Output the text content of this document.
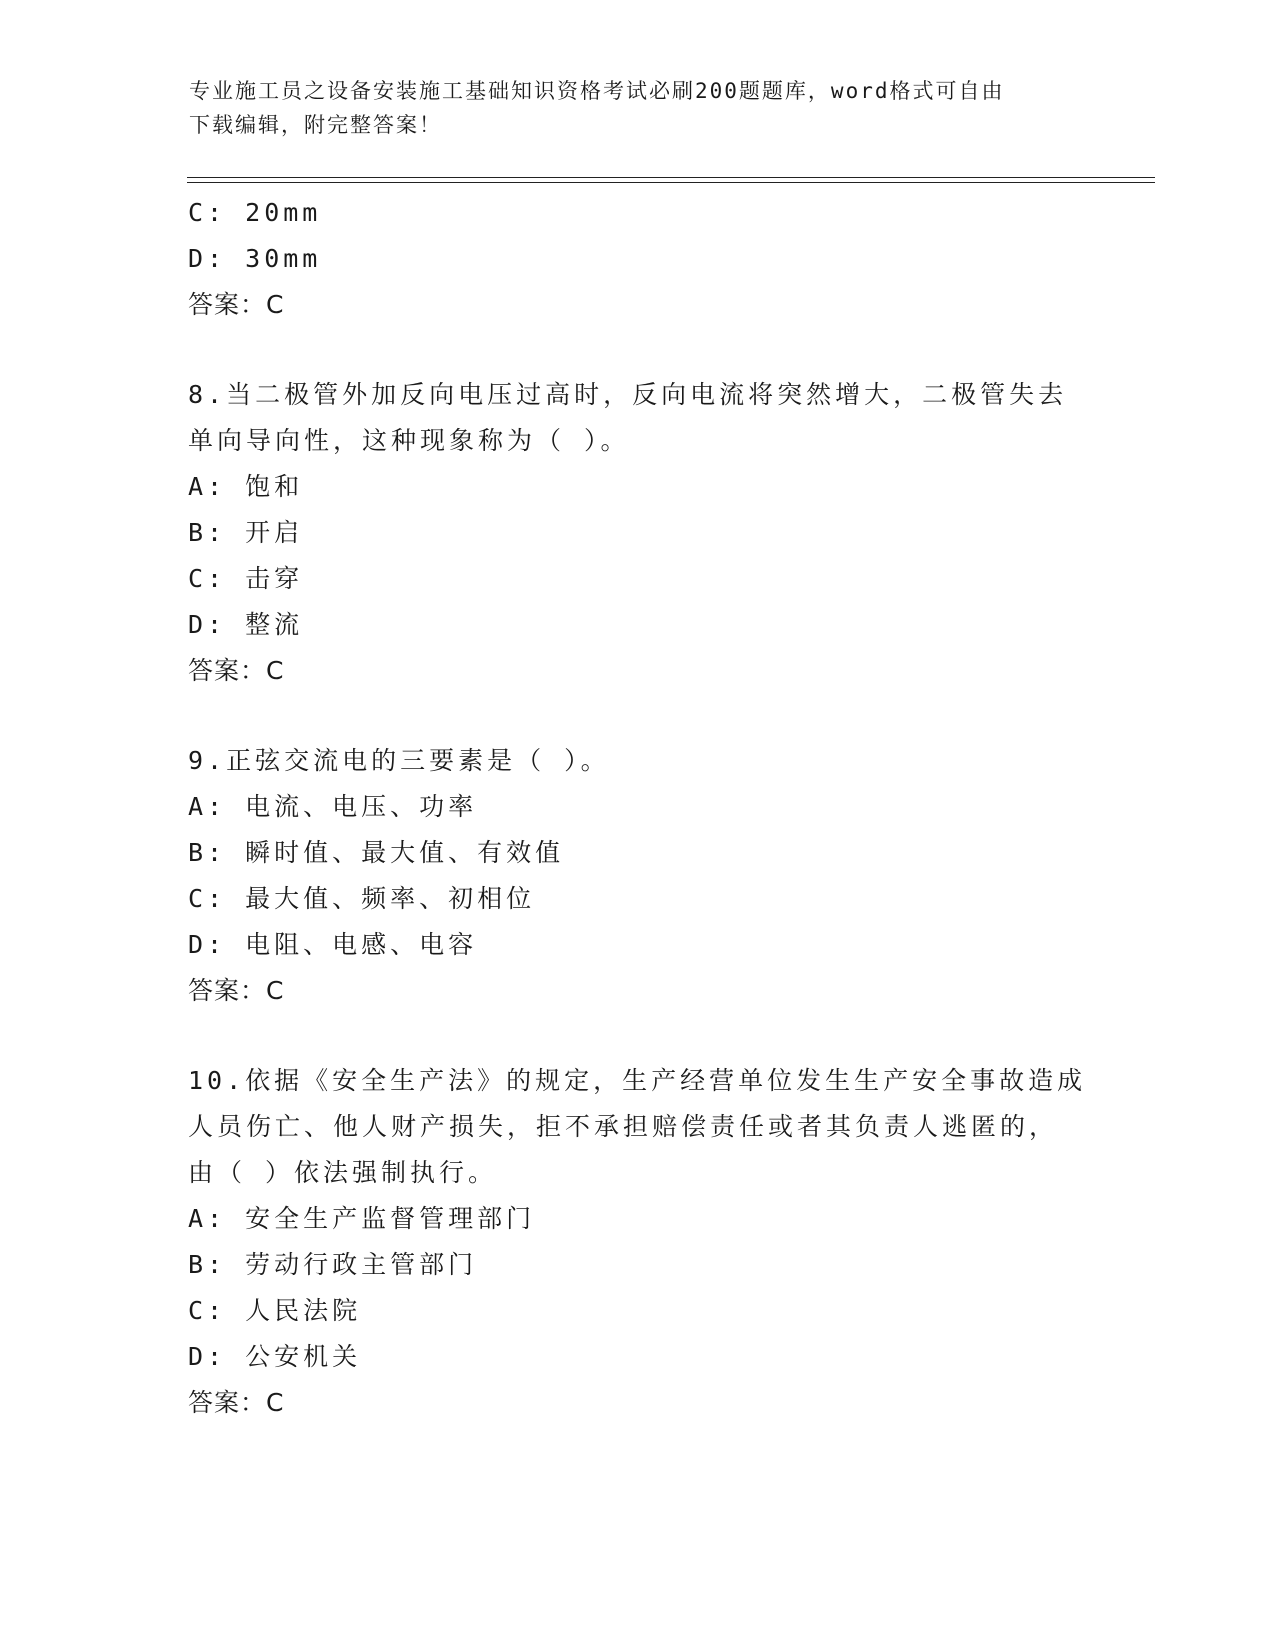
专业施工员之设备安装施工基础知识资格考试必刷200题题库，word格式可自由
下载编辑，附完整答案！
C: 20mm
D: 30mm
答案：C
8.当二极管外加反向电压过高时，反向电流将突然增大，二极管失去
单向导向性，这种现象称为（ ）。
A: 饱和
B: 开启
C: 击穿
D: 整流
答案：C
9.正弦交流电的三要素是（ ）。
A: 电流、电压、功率
B: 瞬时值、最大值、有效值
C: 最大值、频率、初相位
D: 电阻、电感、电容
答案：C
10.依据《安全生产法》的规定，生产经营单位发生生产安全事故造成
人员伤亡、他人财产损失，拒不承担赔偿责任或者其负责人逃匿的，
由（ ）依法强制执行。
A: 安全生产监督管理部门
B: 劳动行政主管部门
C: 人民法院
D: 公安机关
答案：C
